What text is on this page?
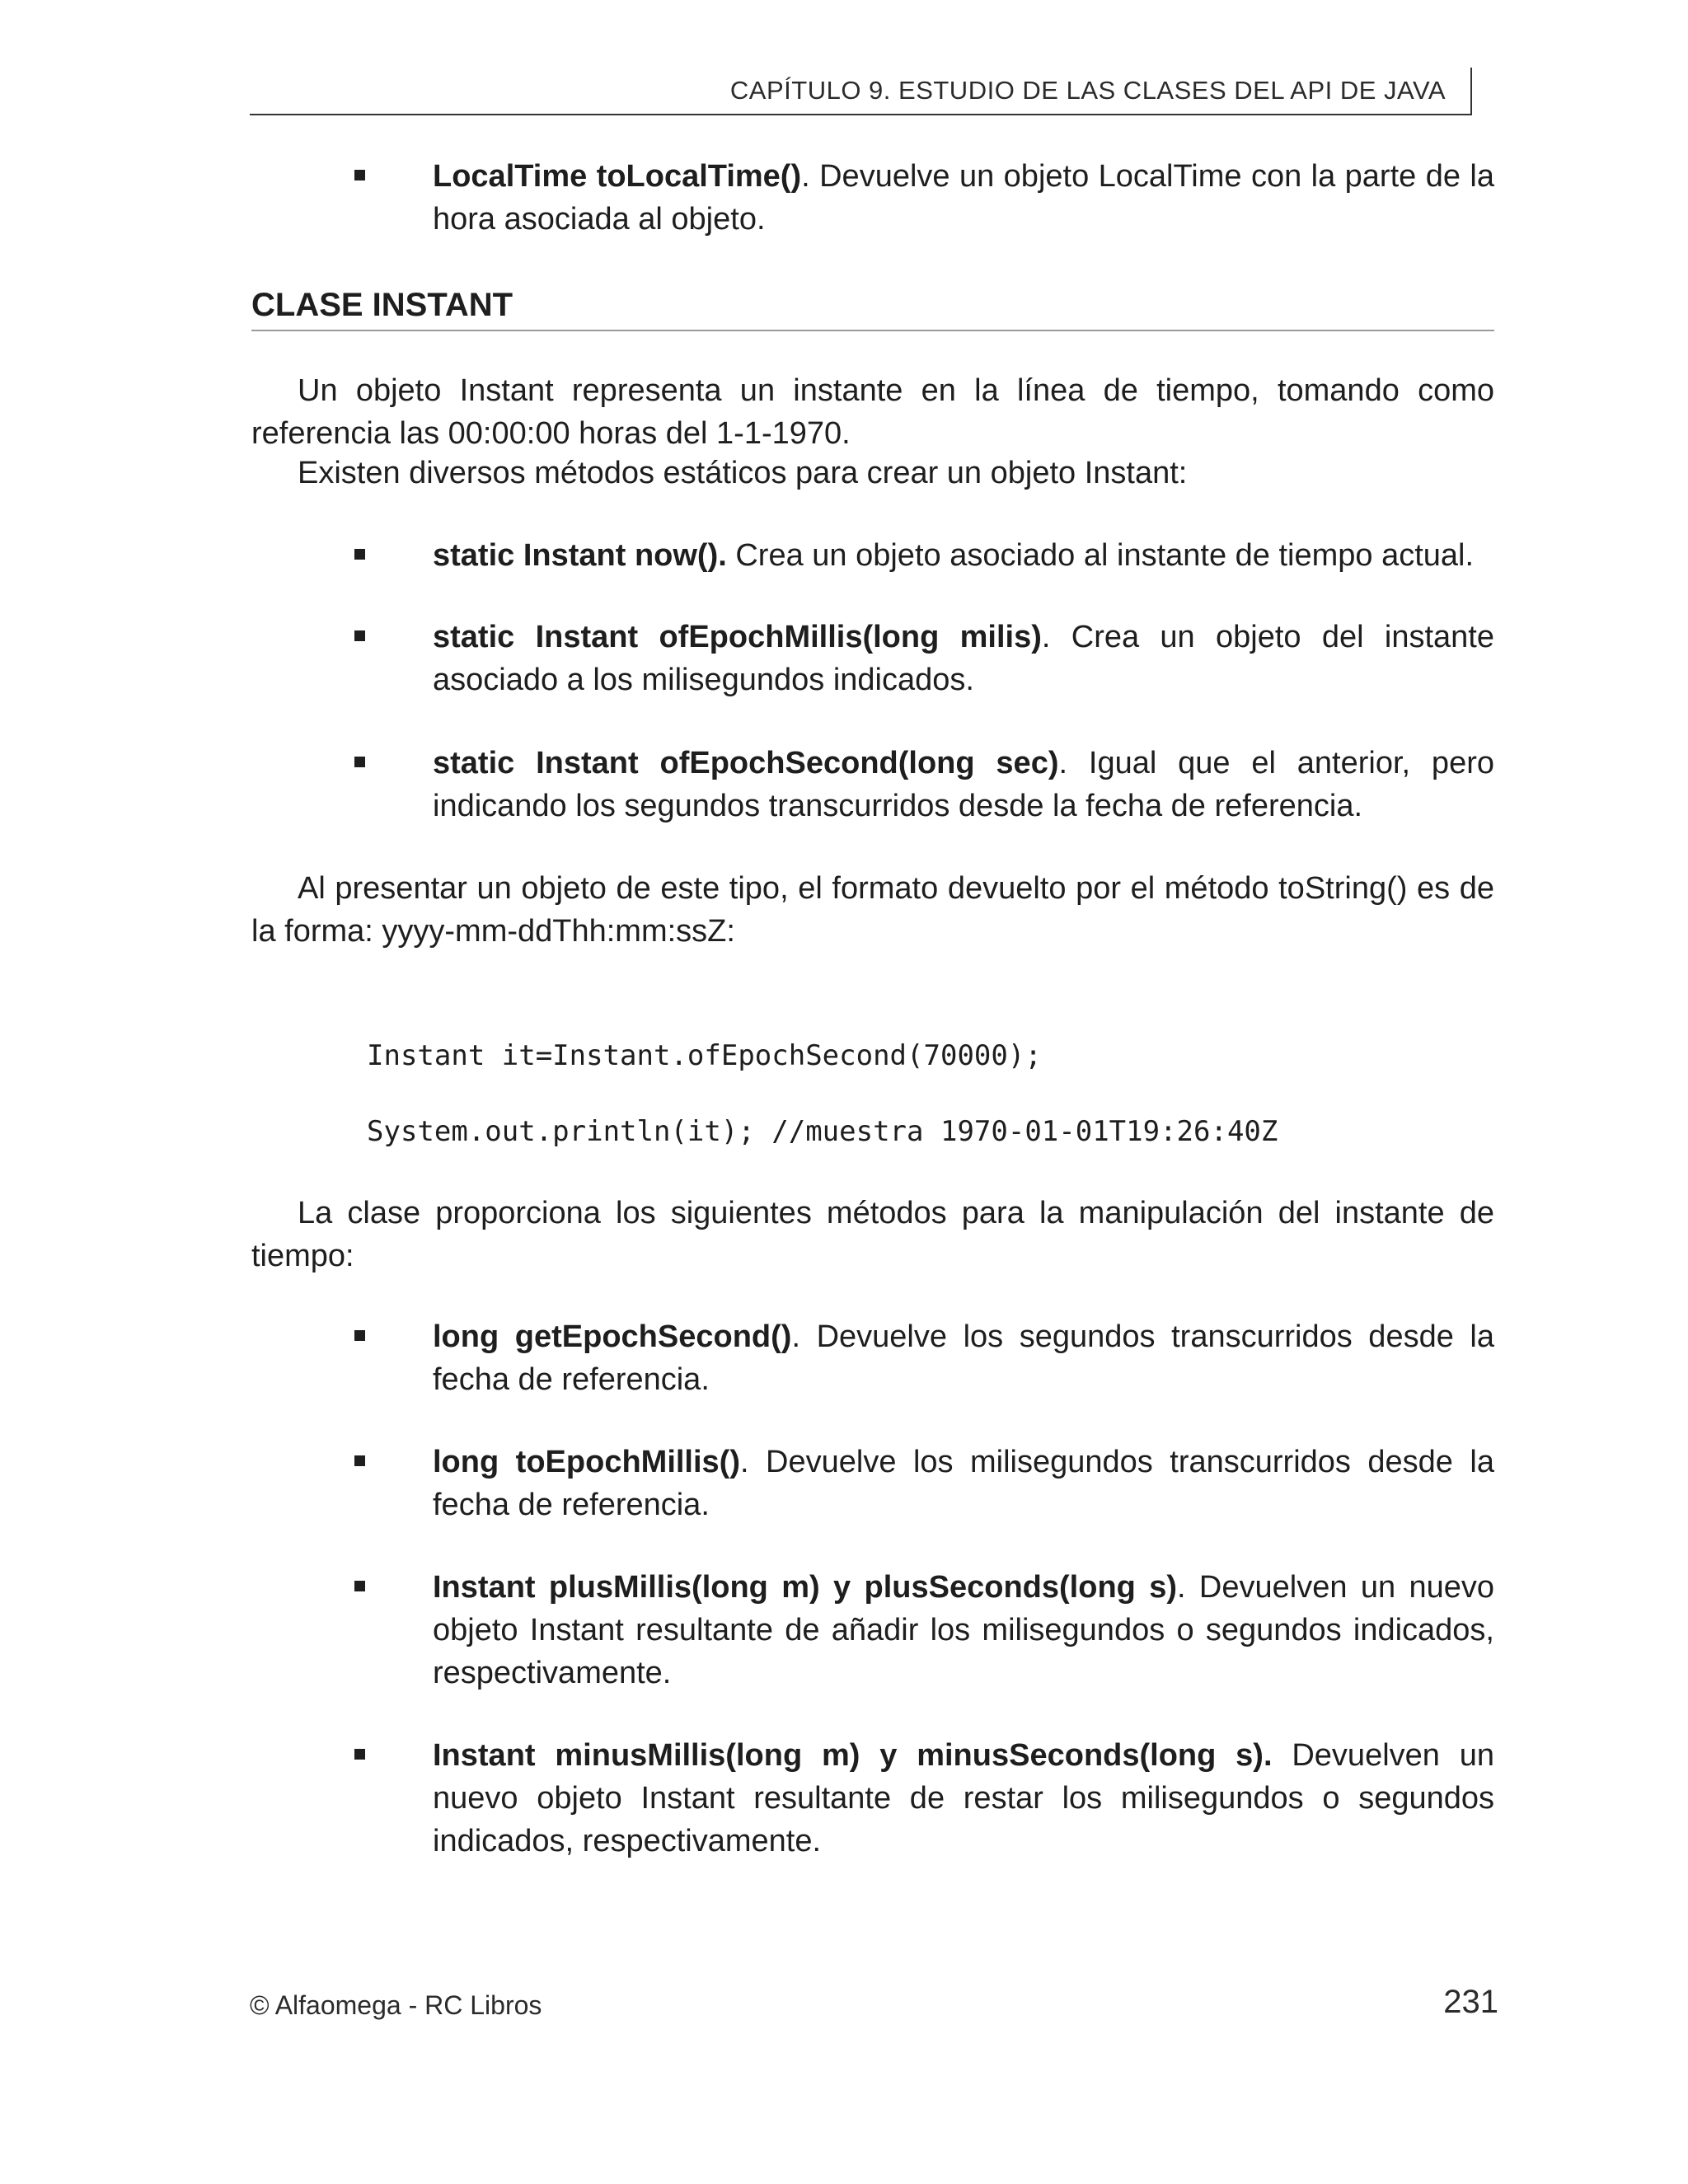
CAPÍTULO 9. ESTUDIO DE LAS CLASES DEL API DE JAVA
LocalTime toLocalTime(). Devuelve un objeto LocalTime con la parte de la hora asociada al objeto.
CLASE INSTANT

Un objeto Instant representa un instante en la línea de tiempo, tomando como referencia las 00:00:00 horas del 1-1-1970.

Existen diversos métodos estáticos para crear un objeto Instant:

static Instant now(). Crea un objeto asociado al instante de tiempo actual.
static Instant ofEpochMillis(long milis). Crea un objeto del instante asociado a los milisegundos indicados.
static Instant ofEpochSecond(long sec). Igual que el anterior, pero indicando los segundos transcurridos desde la fecha de referencia.

Al presentar un objeto de este tipo, el formato devuelto por el método toString() es de la forma: yyyy-mm-ddThh:mm:ssZ:

Instant it=Instant.ofEpochSecond(70000);
System.out.println(it); //muestra 1970-01-01T19:26:40Z

La clase proporciona los siguientes métodos para la manipulación del instante de tiempo:

long getEpochSecond(). Devuelve los segundos transcurridos desde la fecha de referencia.
long toEpochMillis(). Devuelve los milisegundos transcurridos desde la fecha de referencia.
Instant plusMillis(long m) y plusSeconds(long s). Devuelven un nuevo objeto Instant resultante de añadir los milisegundos o segundos indicados, respectivamente.
Instant minusMillis(long m) y minusSeconds(long s). Devuelven un nuevo objeto Instant resultante de restar los milisegundos o segundos indicados, respectivamente.
© Alfaomega - RC Libros	231
